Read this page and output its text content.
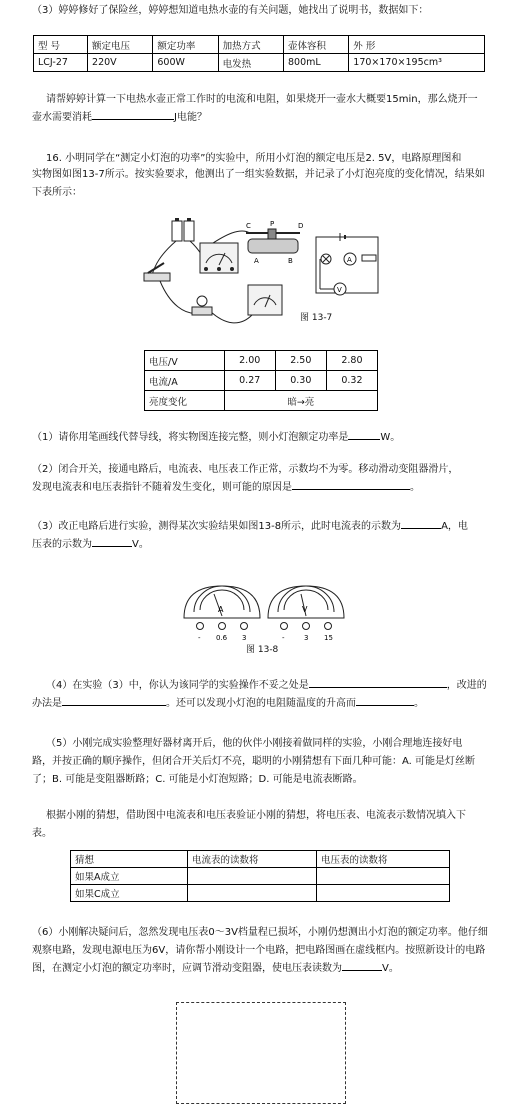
（3）婷婷修好了保险丝，婷婷想知道电热水壶的有关问题，她找出了说明书，数据如下：
型 号	额定电压	额定功率	加热方式	壶体容积	外 形
LCJ-27	220V	600W	电发热	800mL	170×170×195cm³
请帮婷婷计算一下电热水壶正常工作时的电流和电阻，如果烧开一壶水大概要15min，那么烧开一
壶水需要消耗	J电能？
16. 小明同学在“测定小灯泡的功率”的实验中，所用小灯泡的额定电压是2. 5V，电路原理图和
实物图如图13-7所示。按实验要求，他测出了一组实验数据，并记录了小灯泡亮度的变化情况，结果如
下表所示：
C	P	D
A	B	A
V
图 13-7
电压/V	2.00	2.50	2.80
电流/A	0.27	0.30	0.32
亮度变化	暗→亮		
（1）请你用笔画线代替导线，将实物图连接完整，则小灯泡额定功率是	W。
（2）闭合开关，接通电路后，电流表、电压表工作正常，示数均不为零。移动滑动变阻器滑片，
发现电流表和电压表指针不随着发生变化，则可能的原因是	。
（3）改正电路后进行实验，测得某次实验结果如图13-8所示，此时电流表的示数为	A，电
压表的示数为	V。
A	V
- 0.6 3	-	3 15
图 13-8
（4）在实验（3）中，你认为该同学的实验操作不妥之处是	，改进的
办法是	。还可以发现小灯泡的电阻随温度的升高而	。
（5）小刚完成实验整理好器材离开后，他的伙伴小刚接着做同样的实验，小刚合理地连接好电
路，并按正确的顺序操作，但闭合开关后灯不亮，聪明的小刚猜想有下面几种可能：A. 可能是灯丝断
了；B. 可能是变阻器断路；C. 可能是小灯泡短路；D. 可能是电流表断路。
根据小刚的猜想，借助图中电流表和电压表验证小刚的猜想，将电压表、电流表示数情况填入下
表。
猜想	电流表的读数将	电压表的读数将
如果A成立		
如果C成立		
（6）小刚解决疑问后，忽然发现电压表0～3V档量程已损坏，小刚仍想测出小灯泡的额定功率。他仔细
观察电路，发现电源电压为6V，请你帮小刚设计一个电路，把电路图画在虚线框内。按照新设计的电路
图，在测定小灯泡的额定功率时，应调节滑动变阻器，使电压表读数为	V。
